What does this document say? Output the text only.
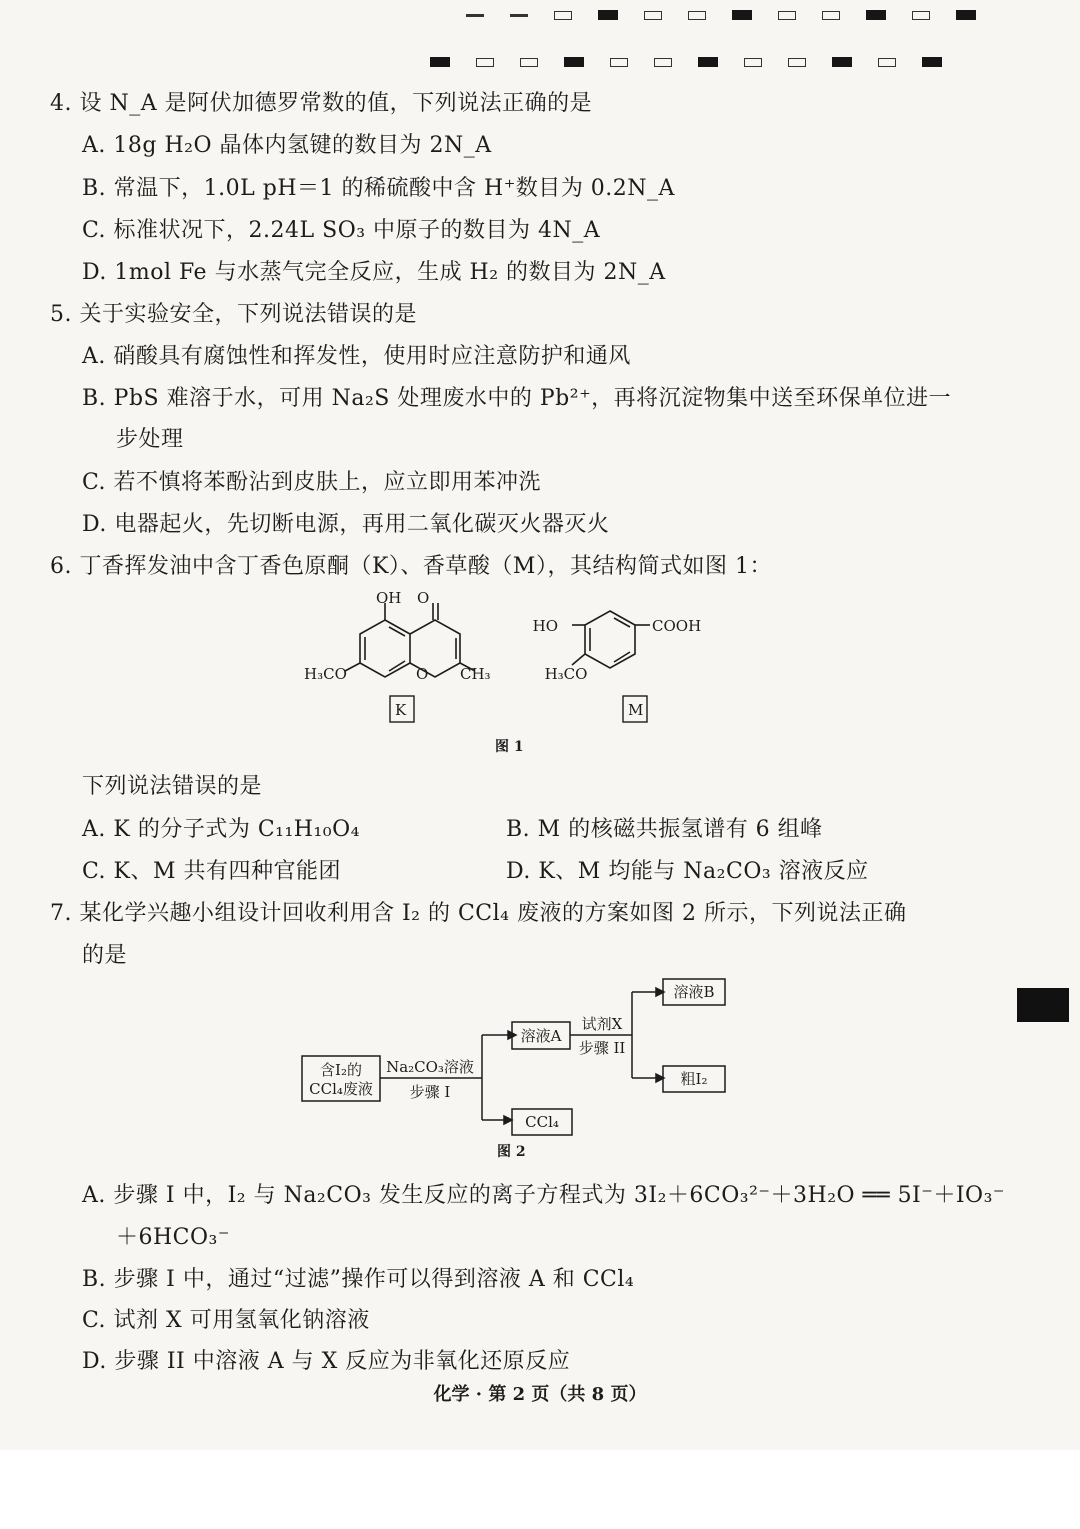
4. 设 N_A 是阿伏加德罗常数的值，下列说法正确的是
A. 18g H₂O 晶体内氢键的数目为 2N_A
B. 常温下，1.0L pH＝1 的稀硫酸中含 H⁺数目为 0.2N_A
C. 标准状况下，2.24L SO₃ 中原子的数目为 4N_A
D. 1mol Fe 与水蒸气完全反应，生成 H₂ 的数目为 2N_A
5. 关于实验安全，下列说法错误的是
A. 硝酸具有腐蚀性和挥发性，使用时应注意防护和通风
B. PbS 难溶于水，可用 Na₂S 处理废水中的 Pb²⁺，再将沉淀物集中送至环保单位进一
步处理
C. 若不慎将苯酚沾到皮肤上，应立即用苯冲洗
D. 电器起火，先切断电源，再用二氧化碳灭火器灭火
6. 丁香挥发油中含丁香色原酮（K）、香草酸（M），其结构简式如图 1：
OH O
H₃CO	O CH₃
K
HO	COOH
H₃CO
M
图 1
下列说法错误的是
A. K 的分子式为 C₁₁H₁₀O₄	B. M 的核磁共振氢谱有 6 组峰
C. K、M 共有四种官能团	D. K、M 均能与 Na₂CO₃ 溶液反应
7. 某化学兴趣小组设计回收利用含 I₂ 的 CCl₄ 废液的方案如图 2 所示，下列说法正确
的是
含I₂的
CCl₄废液
Na₂CO₃溶液
步骤 I
溶液A
CCl₄
试剂X
步骤 II
溶液B
粗I₂
图 2
A. 步骤 I 中，I₂ 与 Na₂CO₃ 发生反应的离子方程式为 3I₂＋6CO₃²⁻＋3H₂O ══ 5I⁻＋IO₃⁻
＋6HCO₃⁻
B. 步骤 I 中，通过“过滤”操作可以得到溶液 A 和 CCl₄
C. 试剂 X 可用氢氧化钠溶液
D. 步骤 II 中溶液 A 与 X 反应为非氧化还原反应
化学 · 第 2 页（共 8 页）
